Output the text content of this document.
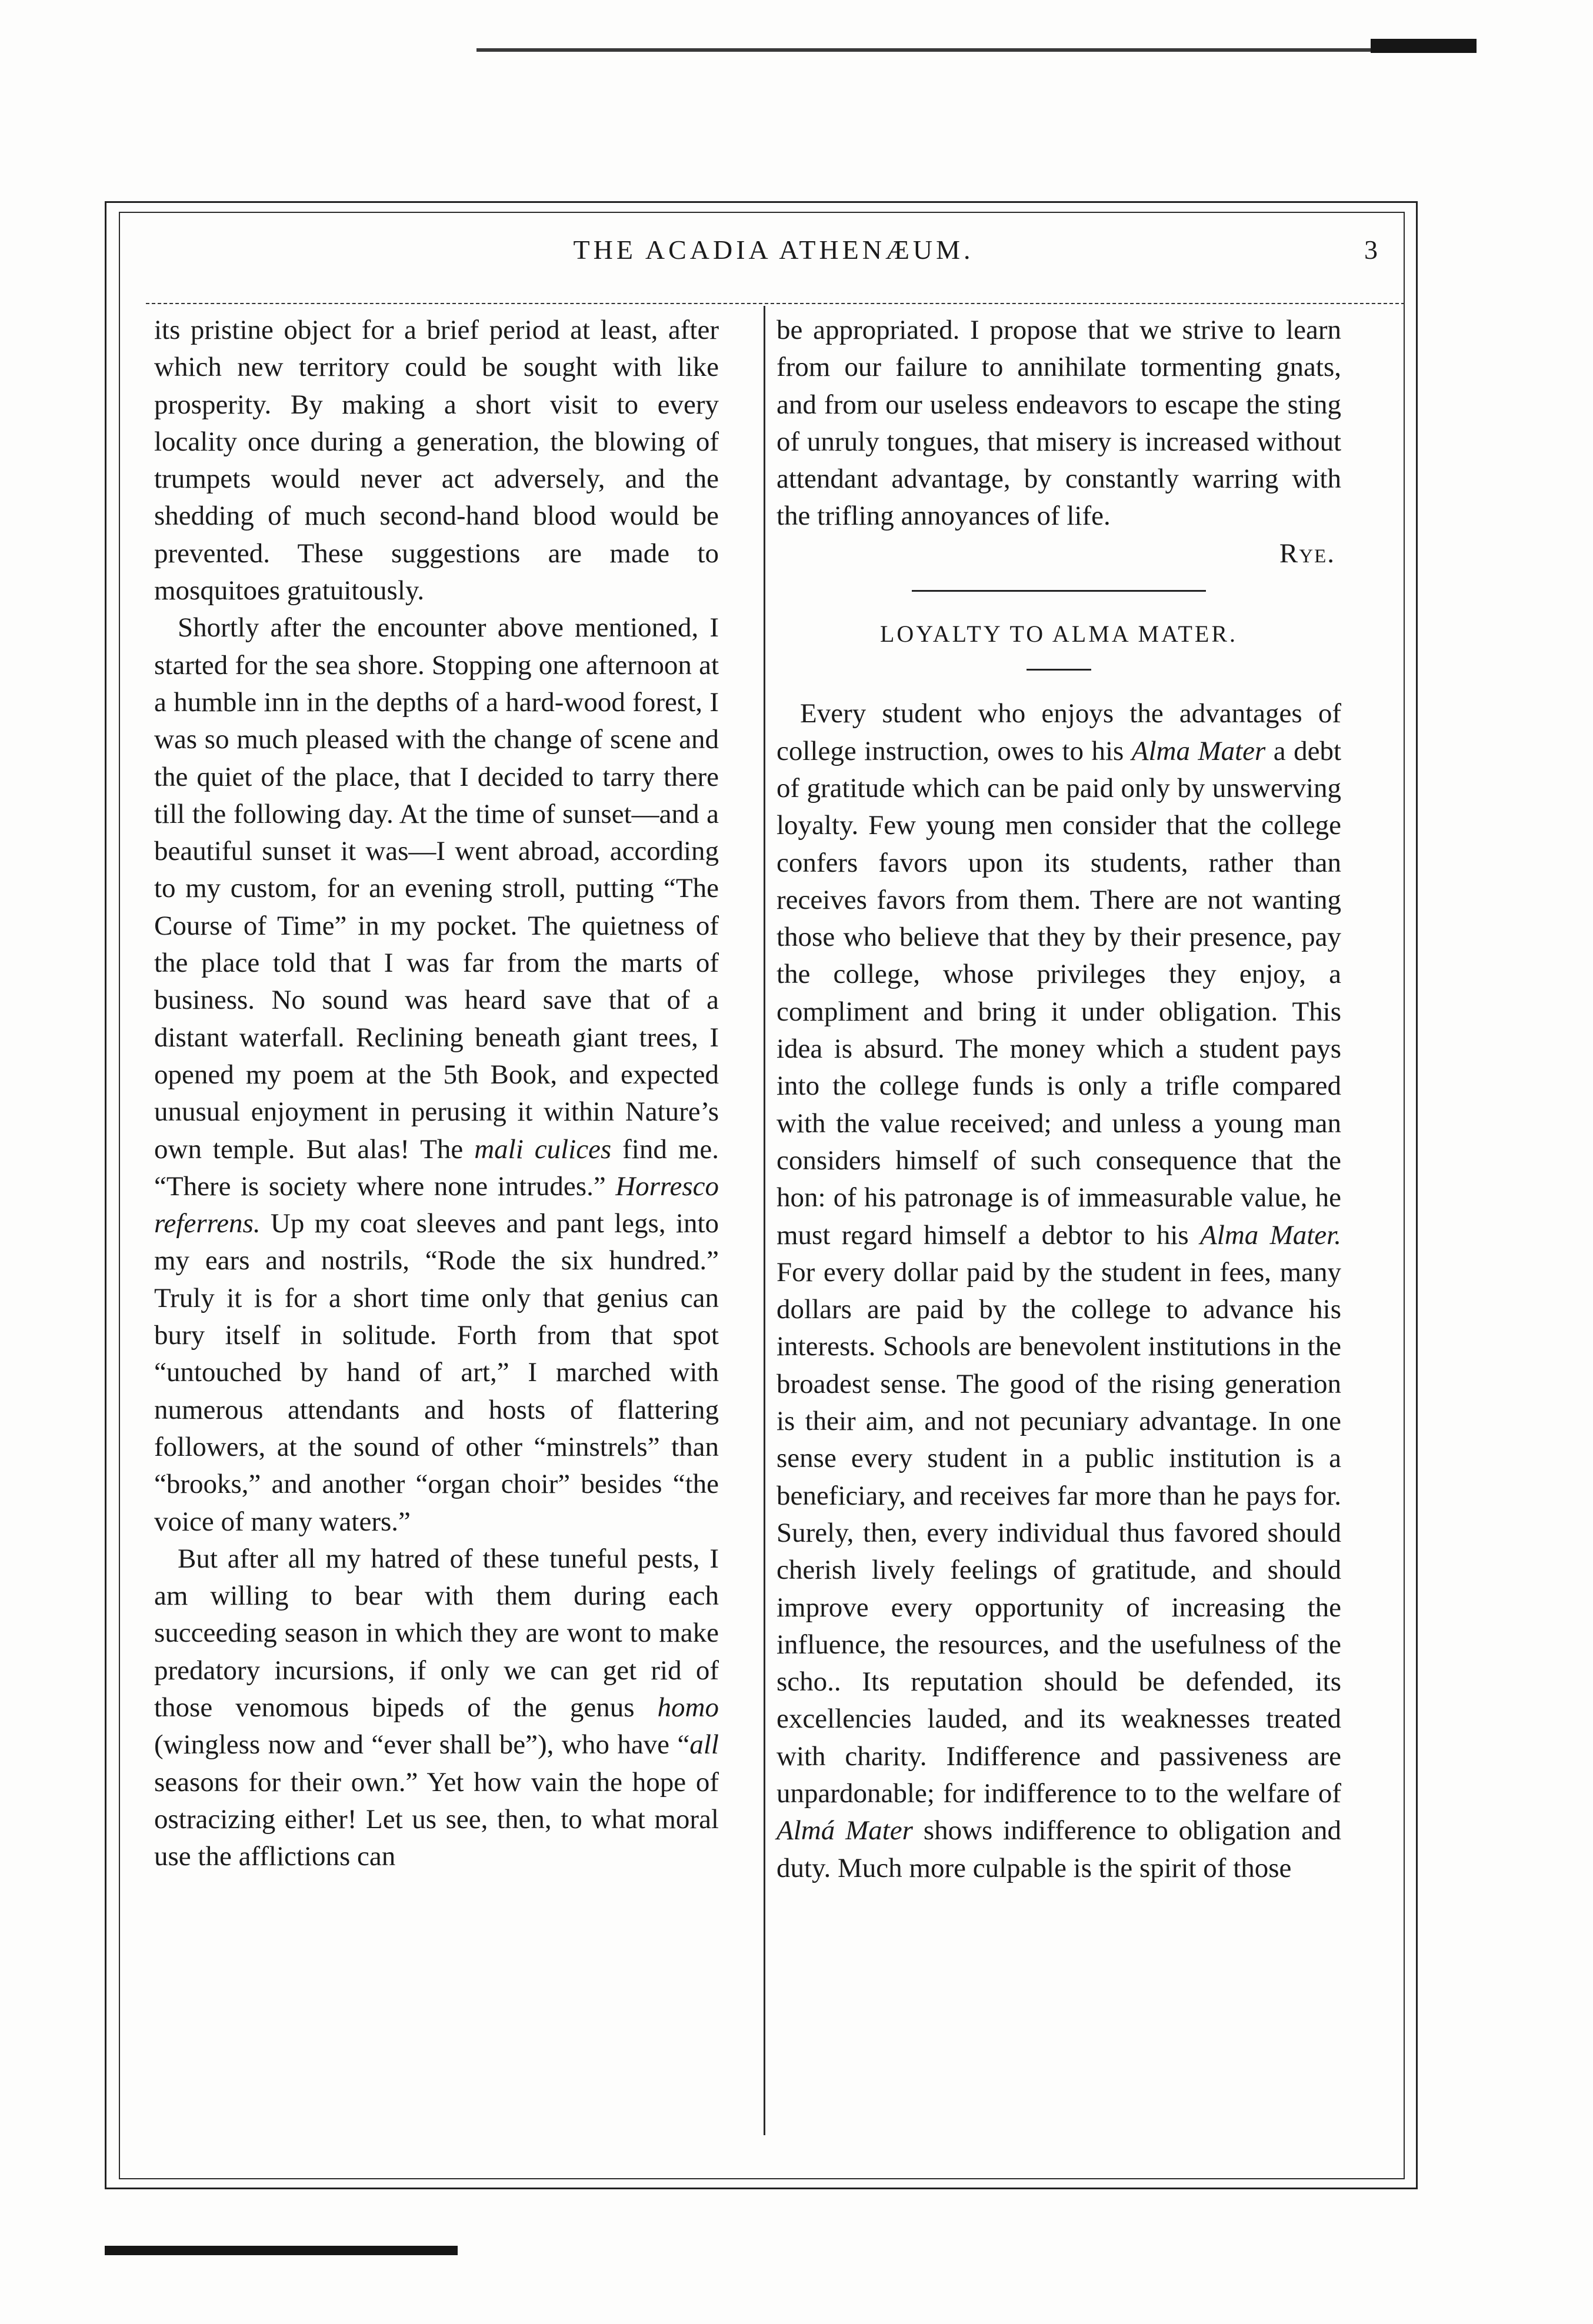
THE ACADIA ATHENÆUM.	3

its pristine object for a brief period at least, after which new territory could be sought with like prosperity. By making a short visit to every locality once during a generation, the blowing of trumpets would never act adversely, and the shedding of much second-hand blood would be prevented. These suggestions are made to mosquitoes gratuitously.

Shortly after the encounter above mentioned, I started for the sea shore. Stopping one afternoon at a humble inn in the depths of a hard-wood forest, I was so much pleased with the change of scene and the quiet of the place, that I decided to tarry there till the following day. At the time of sunset—and a beautiful sunset it was—I went abroad, according to my custom, for an evening stroll, putting “The Course of Time” in my pocket. The quietness of the place told that I was far from the marts of business. No sound was heard save that of a distant waterfall. Reclining beneath giant trees, I opened my poem at the 5th Book, and expected unusual enjoyment in perusing it within Nature’s own temple. But alas! The mali culices find me. “There is society where none intrudes.” Horresco referrens. Up my coat sleeves and pant legs, into my ears and nostrils, “Rode the six hundred.” Truly it is for a short time only that genius can bury itself in solitude. Forth from that spot “untouched by hand of art,” I marched with numerous attendants and hosts of flattering followers, at the sound of other “minstrels” than “brooks,” and another “organ choir” besides “the voice of many waters.”

But after all my hatred of these tuneful pests, I am willing to bear with them during each succeeding season in which they are wont to make predatory incursions, if only we can get rid of those venomous bipeds of the genus homo (wingless now and “ever shall be”), who have “all seasons for their own.” Yet how vain the hope of ostracizing either! Let us see, then, to what moral use the afflictions can

be appropriated. I propose that we strive to learn from our failure to annihilate tormenting gnats, and from our useless endeavors to escape the sting of unruly tongues, that misery is increased without attendant advantage, by constantly warring with the trifling annoyances of life.

Rye.

LOYALTY TO ALMA MATER.

Every student who enjoys the advantages of college instruction, owes to his Alma Mater a debt of gratitude which can be paid only by unswerving loyalty. Few young men consider that the college confers favors upon its students, rather than receives favors from them. There are not wanting those who believe that they by their presence, pay the college, whose privileges they enjoy, a compliment and bring it under obligation. This idea is absurd. The money which a student pays into the college funds is only a trifle compared with the value received; and unless a young man considers himself of such consequence that the hon⁠: of his patronage is of immeasurable value, he must regard himself a debtor to his Alma Mater. For every dollar paid by the student in fees, many dollars are paid by the college to advance his interests. Schools are benevolent institutions in the broadest sense. The good of the rising generation is their aim, and not pecuniary advantage. In one sense every student in a public institution is a beneficiary, and receives far more than he pays for. Surely, then, every individual thus favored should cherish lively feelings of gratitude, and should improve every opportunity of increasing the influence, the resources, and the usefulness of the scho⁠.. Its reputation should be defended, its excellencies lauded, and its weaknesses treated with charity. Indifference and passiveness are unpardonable; for indifference to to the welfare of Almá Mater shows indifference to obligation and duty. Much more culpable is the spirit of those
